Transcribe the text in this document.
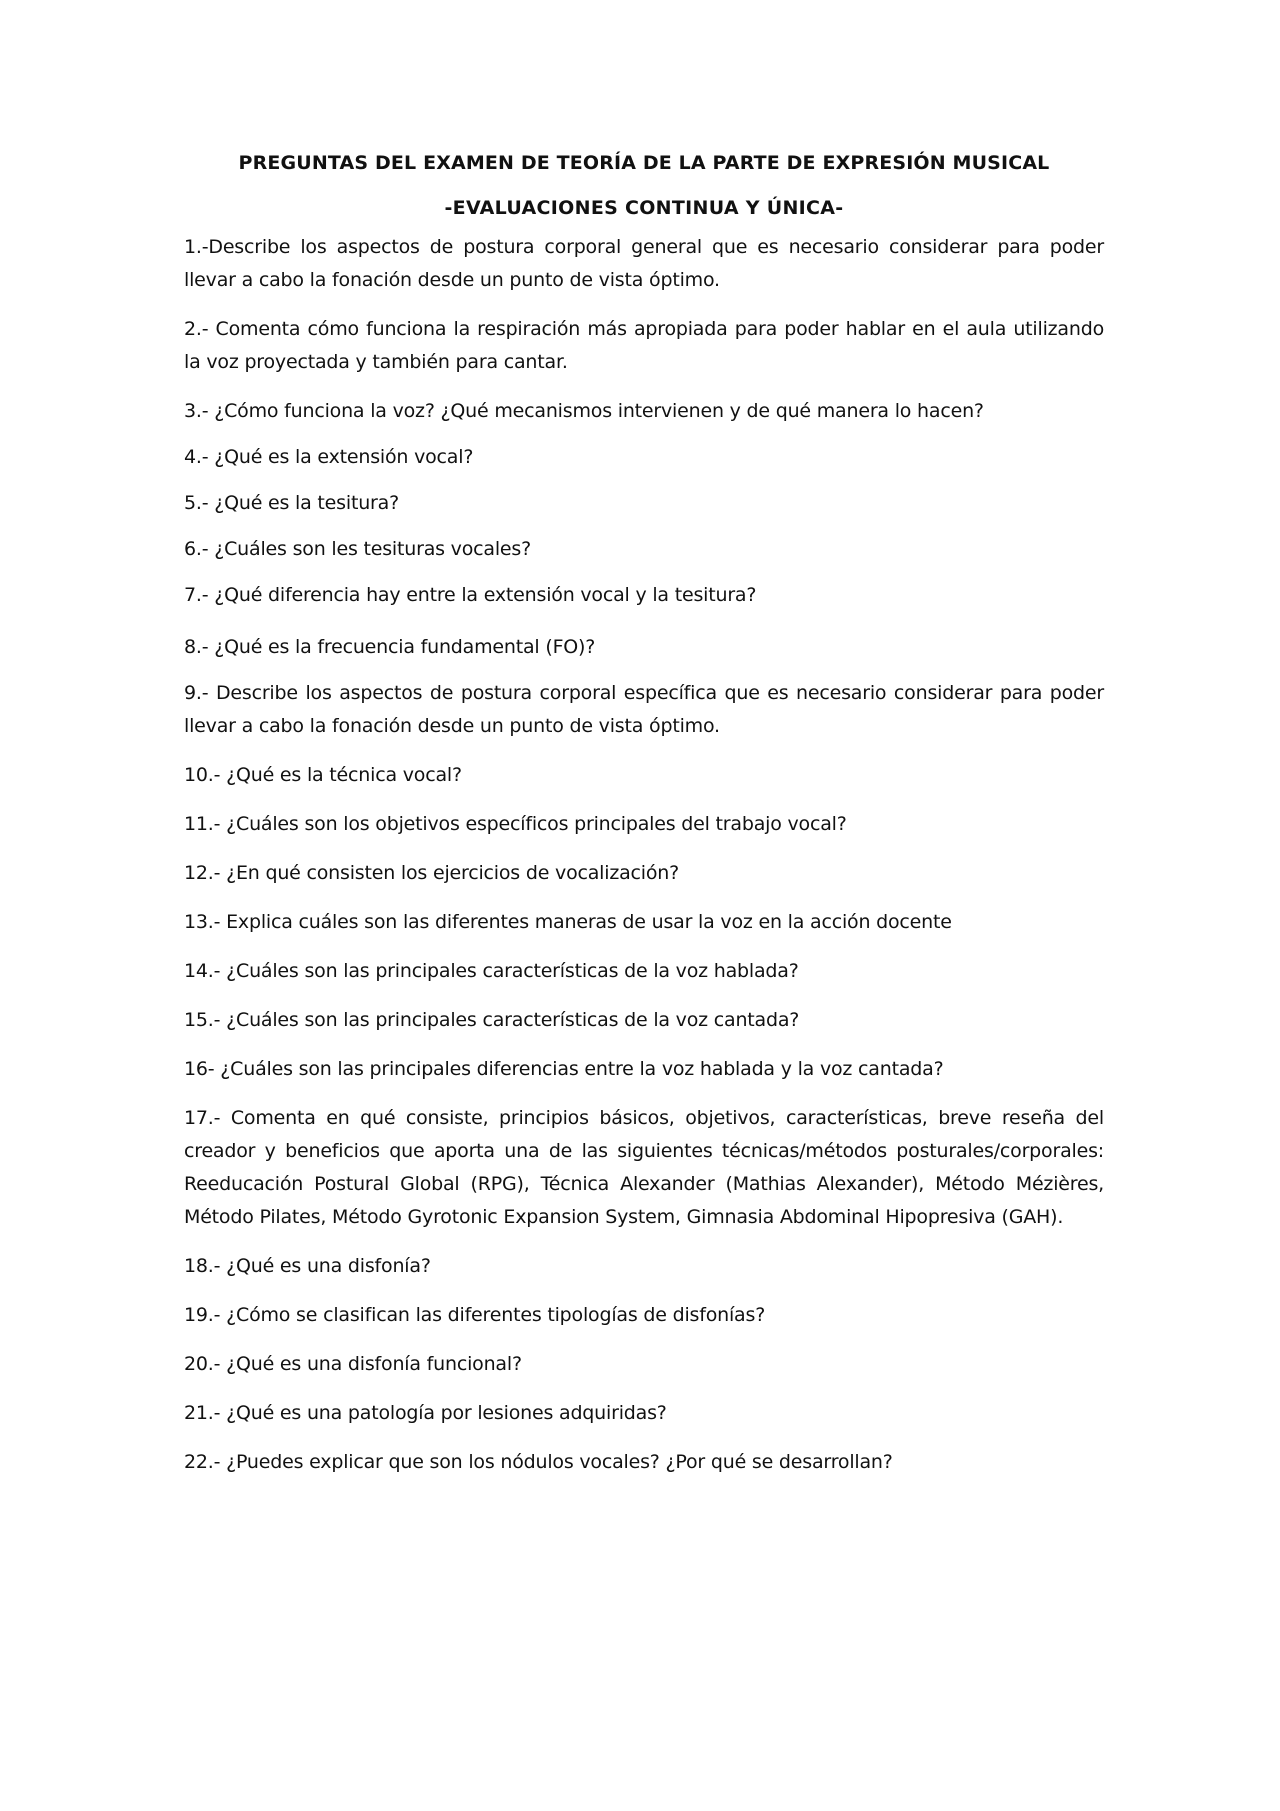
PREGUNTAS DEL EXAMEN DE TEORÍA DE LA PARTE DE EXPRESIÓN MUSICAL
-EVALUACIONES CONTINUA Y ÚNICA-

1.-Describe los aspectos de postura corporal general que es necesario considerar para poder llevar a cabo la fonación desde un punto de vista óptimo.

2.- Comenta cómo funciona la respiración más apropiada para poder hablar en el aula utilizando la voz proyectada y también para cantar.

3.- ¿Cómo funciona la voz? ¿Qué mecanismos intervienen y de qué manera lo hacen?

4.- ¿Qué es la extensión vocal?

5.- ¿Qué es la tesitura?

6.- ¿Cuáles son les tesituras vocales?

7.- ¿Qué diferencia hay entre la extensión vocal y la tesitura?

8.- ¿Qué es la frecuencia fundamental (FO)?

9.- Describe los aspectos de postura corporal específica que es necesario considerar para poder llevar a cabo la fonación desde un punto de vista óptimo.

10.- ¿Qué es la técnica vocal?

11.- ¿Cuáles son los objetivos específicos principales del trabajo vocal?

12.- ¿En qué consisten los ejercicios de vocalización?

13.- Explica cuáles son las diferentes maneras de usar la voz en la acción docente

14.- ¿Cuáles son las principales características de la voz hablada?

15.- ¿Cuáles son las principales características de la voz cantada?

16- ¿Cuáles son las principales diferencias entre la voz hablada y la voz cantada?

17.- Comenta en qué consiste, principios básicos, objetivos, características, breve reseña del creador y beneficios que aporta una de las siguientes técnicas/métodos posturales/corporales: Reeducación Postural Global (RPG), Técnica Alexander (Mathias Alexander), Método Mézières, Método Pilates, Método Gyrotonic Expansion System, Gimnasia Abdominal Hipopresiva (GAH).

18.- ¿Qué es una disfonía?

19.- ¿Cómo se clasifican las diferentes tipologías de disfonías?

20.- ¿Qué es una disfonía funcional?

21.- ¿Qué es una patología por lesiones adquiridas?

22.- ¿Puedes explicar que son los nódulos vocales? ¿Por qué se desarrollan?
